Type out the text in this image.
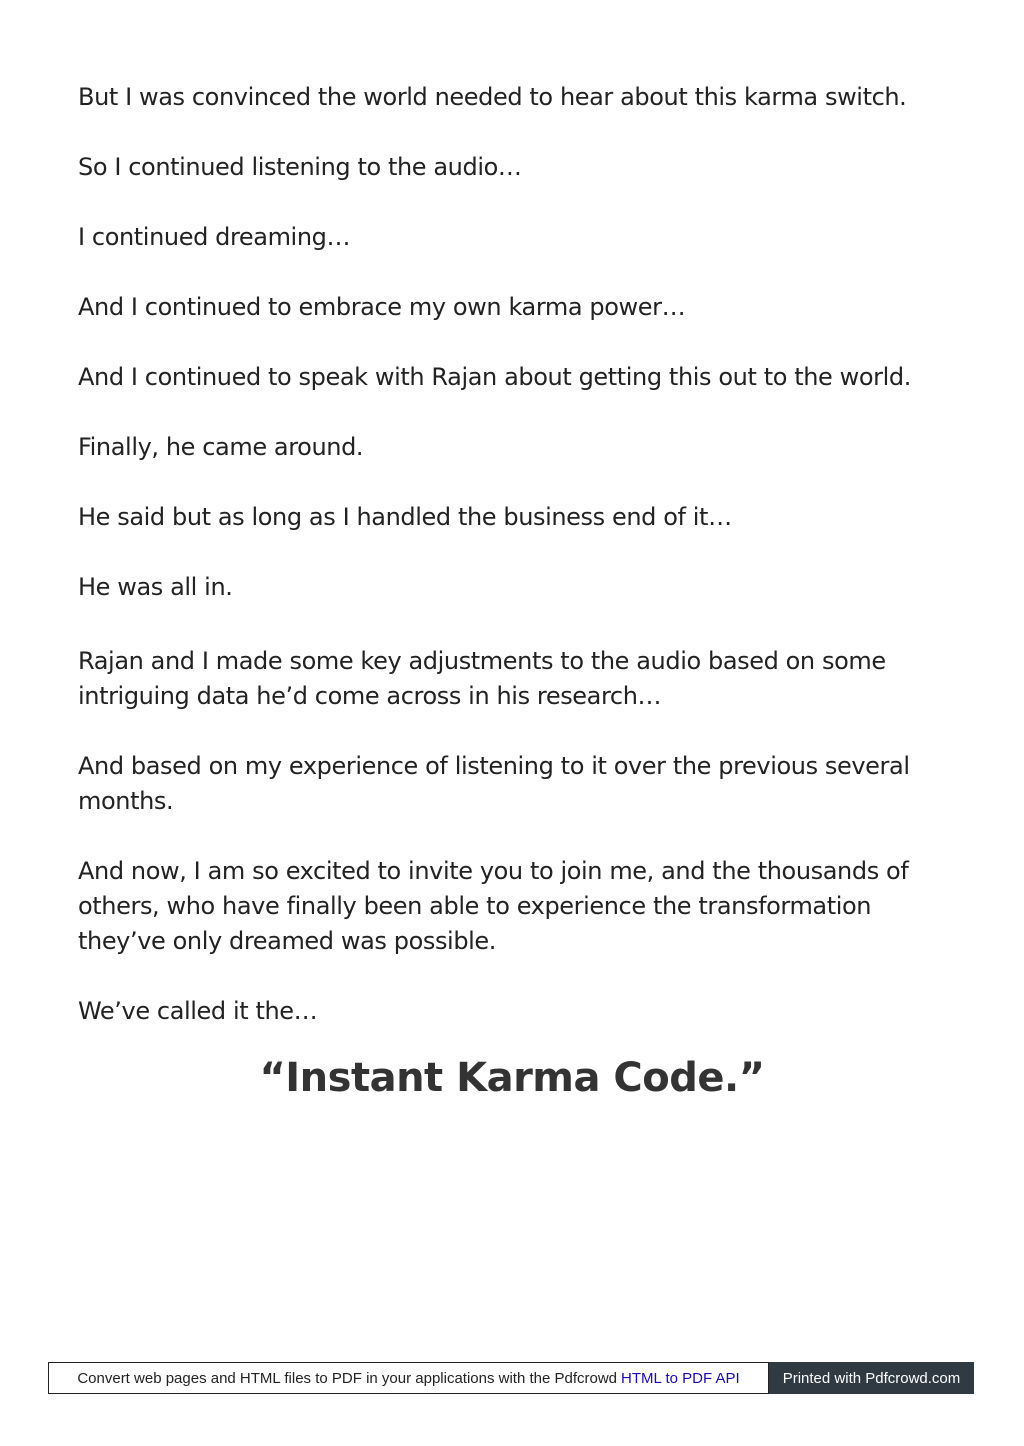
But I was convinced the world needed to hear about this karma switch.

So I continued listening to the audio…

I continued dreaming…

And I continued to embrace my own karma power…

And I continued to speak with Rajan about getting this out to the world.

Finally, he came around.

He said but as long as I handled the business end of it…

He was all in.

Rajan and I made some key adjustments to the audio based on some intriguing data he’d come across in his research…

And based on my experience of listening to it over the previous several months.

And now, I am so excited to invite you to join me, and the thousands of others, who have finally been able to experience the transformation they’ve only dreamed was possible.

We’ve called it the…

“Instant Karma Code.”
Convert web pages and HTML files to PDF in your applications with the Pdfcrowd HTML to PDF API	Printed with Pdfcrowd.com
